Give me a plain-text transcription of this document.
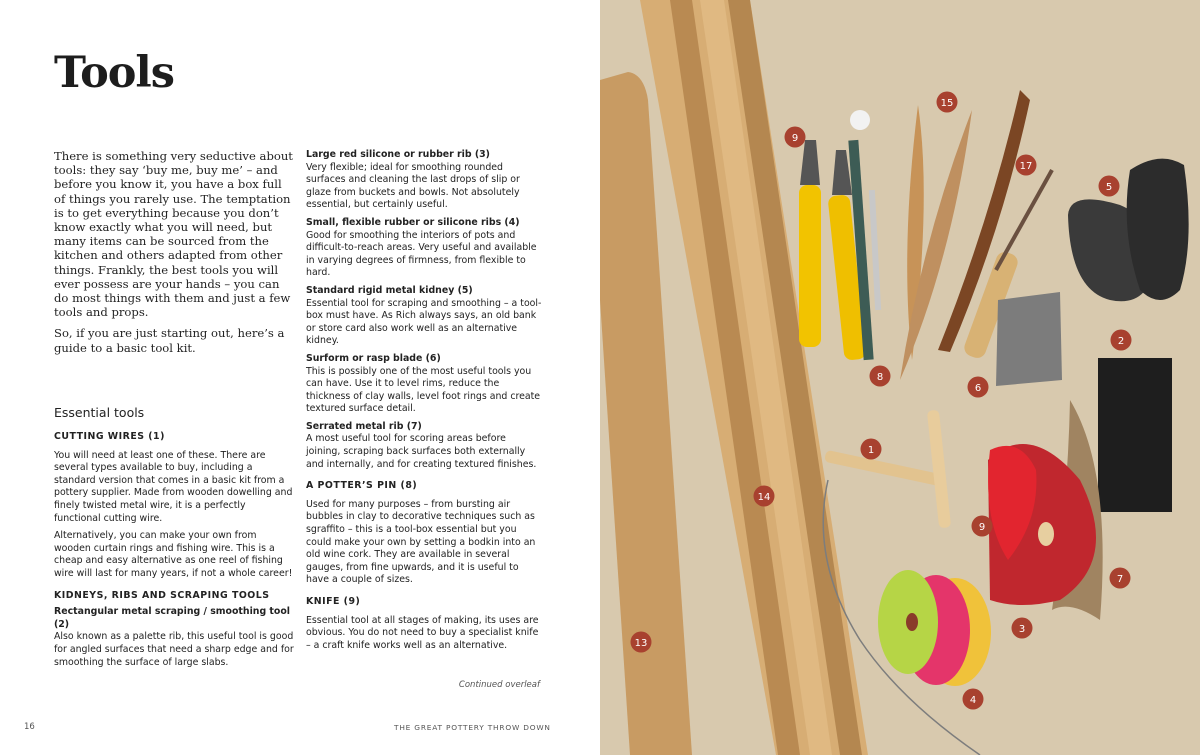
Tools

There is something very seductive about tools: they say ‘buy me, buy me’ – and before you know it, you have a box full of things you rarely use. The temptation is to get everything because you don’t know exactly what you will need, but many items can be sourced from the kitchen and others adapted from other things. Frankly, the best tools you will ever possess are your hands – you can do most things with them and just a few tools and props.

So, if you are just starting out, here’s a guide to a basic tool kit.

Essential tools

CUTTING WIRES (1)

You will need at least one of these. There are several types available to buy, including a standard version that comes in a basic kit from a pottery supplier. Made from wooden dowelling and finely twisted metal wire, it is a perfectly functional cutting wire.

Alternatively, you can make your own from wooden curtain rings and fishing wire. This is a cheap and easy alternative as one reel of fishing wire will last for many years, if not a whole career!

KIDNEYS, RIBS AND SCRAPING TOOLS

Rectangular metal scraping / smoothing tool (2)

Also known as a palette rib, this useful tool is good for angled surfaces that need a sharp edge and for smoothing the surface of large slabs.

Large red silicone or rubber rib (3)

Very flexible; ideal for smoothing rounded surfaces and cleaning the last drops of slip or glaze from buckets and bowls. Not absolutely essential, but certainly useful.

Small, flexible rubber or silicone ribs (4)

Good for smoothing the interiors of pots and difficult-to-reach areas. Very useful and available in varying degrees of firmness, from flexible to hard.

Standard rigid metal kidney (5)

Essential tool for scraping and smoothing – a tool-box must have. As Rich always says, an old bank or store card also work well as an alternative kidney.

Surform or rasp blade (6)

This is possibly one of the most useful tools you can have. Use it to level rims, reduce the thickness of clay walls, level foot rings and create textured surface detail.

Serrated metal rib (7)

A most useful tool for scoring areas before joining, scraping back surfaces both externally and internally, and for creating textured finishes.

A POTTER’S PIN (8)

Used for many purposes – from bursting air bubbles in clay to decorative techniques such as sgraffito – this is a tool-box essential but you could make your own by setting a bodkin into an old wine cork. They are available in several gauges, from fine upwards, and it is useful to have a couple of sizes.

KNIFE (9)

Essential tool at all stages of making, its uses are obvious. You do not need to buy a specialist knife – a craft knife works well as an alternative.

Continued overleaf
16	THE GREAT POTTERY THROW DOWN
9
15
17
5
2
8
6
1
14
9
7
3
13
4
